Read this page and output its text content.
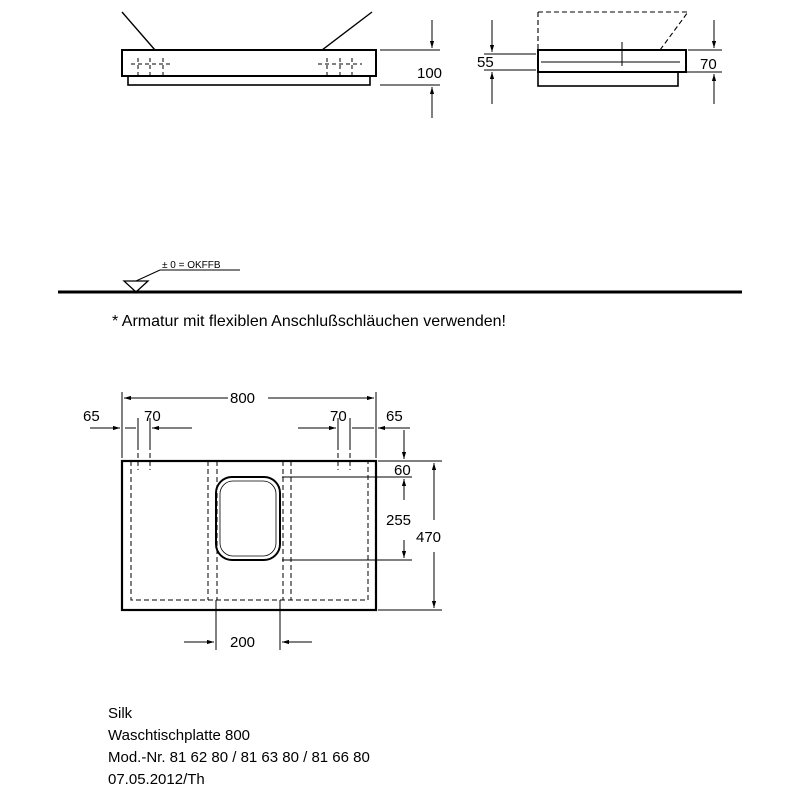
100
55	70
± 0 = OKFFB
800
65	70	70	65
60
255
470
200
* Armatur mit flexiblen Anschlußschläuchen verwenden!
Silk
Waschtischplatte 800
Mod.-Nr. 81 62 80 / 81 63 80 / 81 66 80
07.05.2012/Th
